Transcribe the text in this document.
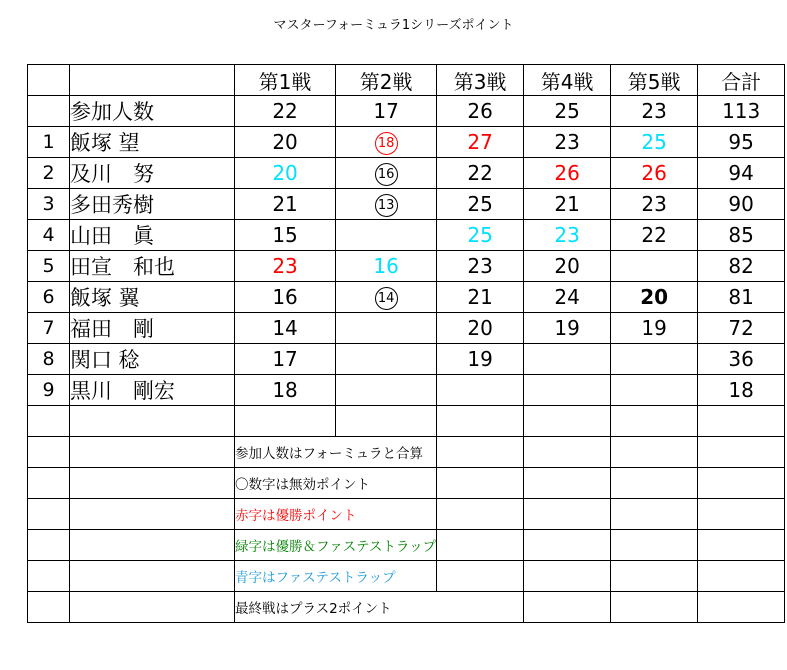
マスターフォーミュラ1シリーズポイント
		第1戦	第2戦	第3戦	第4戦	第5戦	合計
	参加人数	22	17	26	25	23	113
1	飯塚 望	20	18	27	23	25	95
2	及川　努	20	16	22	26	26	94
3	多田秀樹	21	13	25	21	23	90
4	山田　眞	15		25	23	22	85
5	田宣　和也	23	16	23	20		82
6	飯塚 翼	16	14	21	24	20	81
7	福田　剛	14		20	19	19	72
8	関口 稔	17		19			36
9	黒川　剛宏	18					18

		参加人数はフォーミュラと合算					
		〇数字は無効ポイント					
		赤字は優勝ポイント					
		緑字は優勝＆ファステストラップ					
		青字はファステストラップ					
		最終戦はプラス2ポイント					
